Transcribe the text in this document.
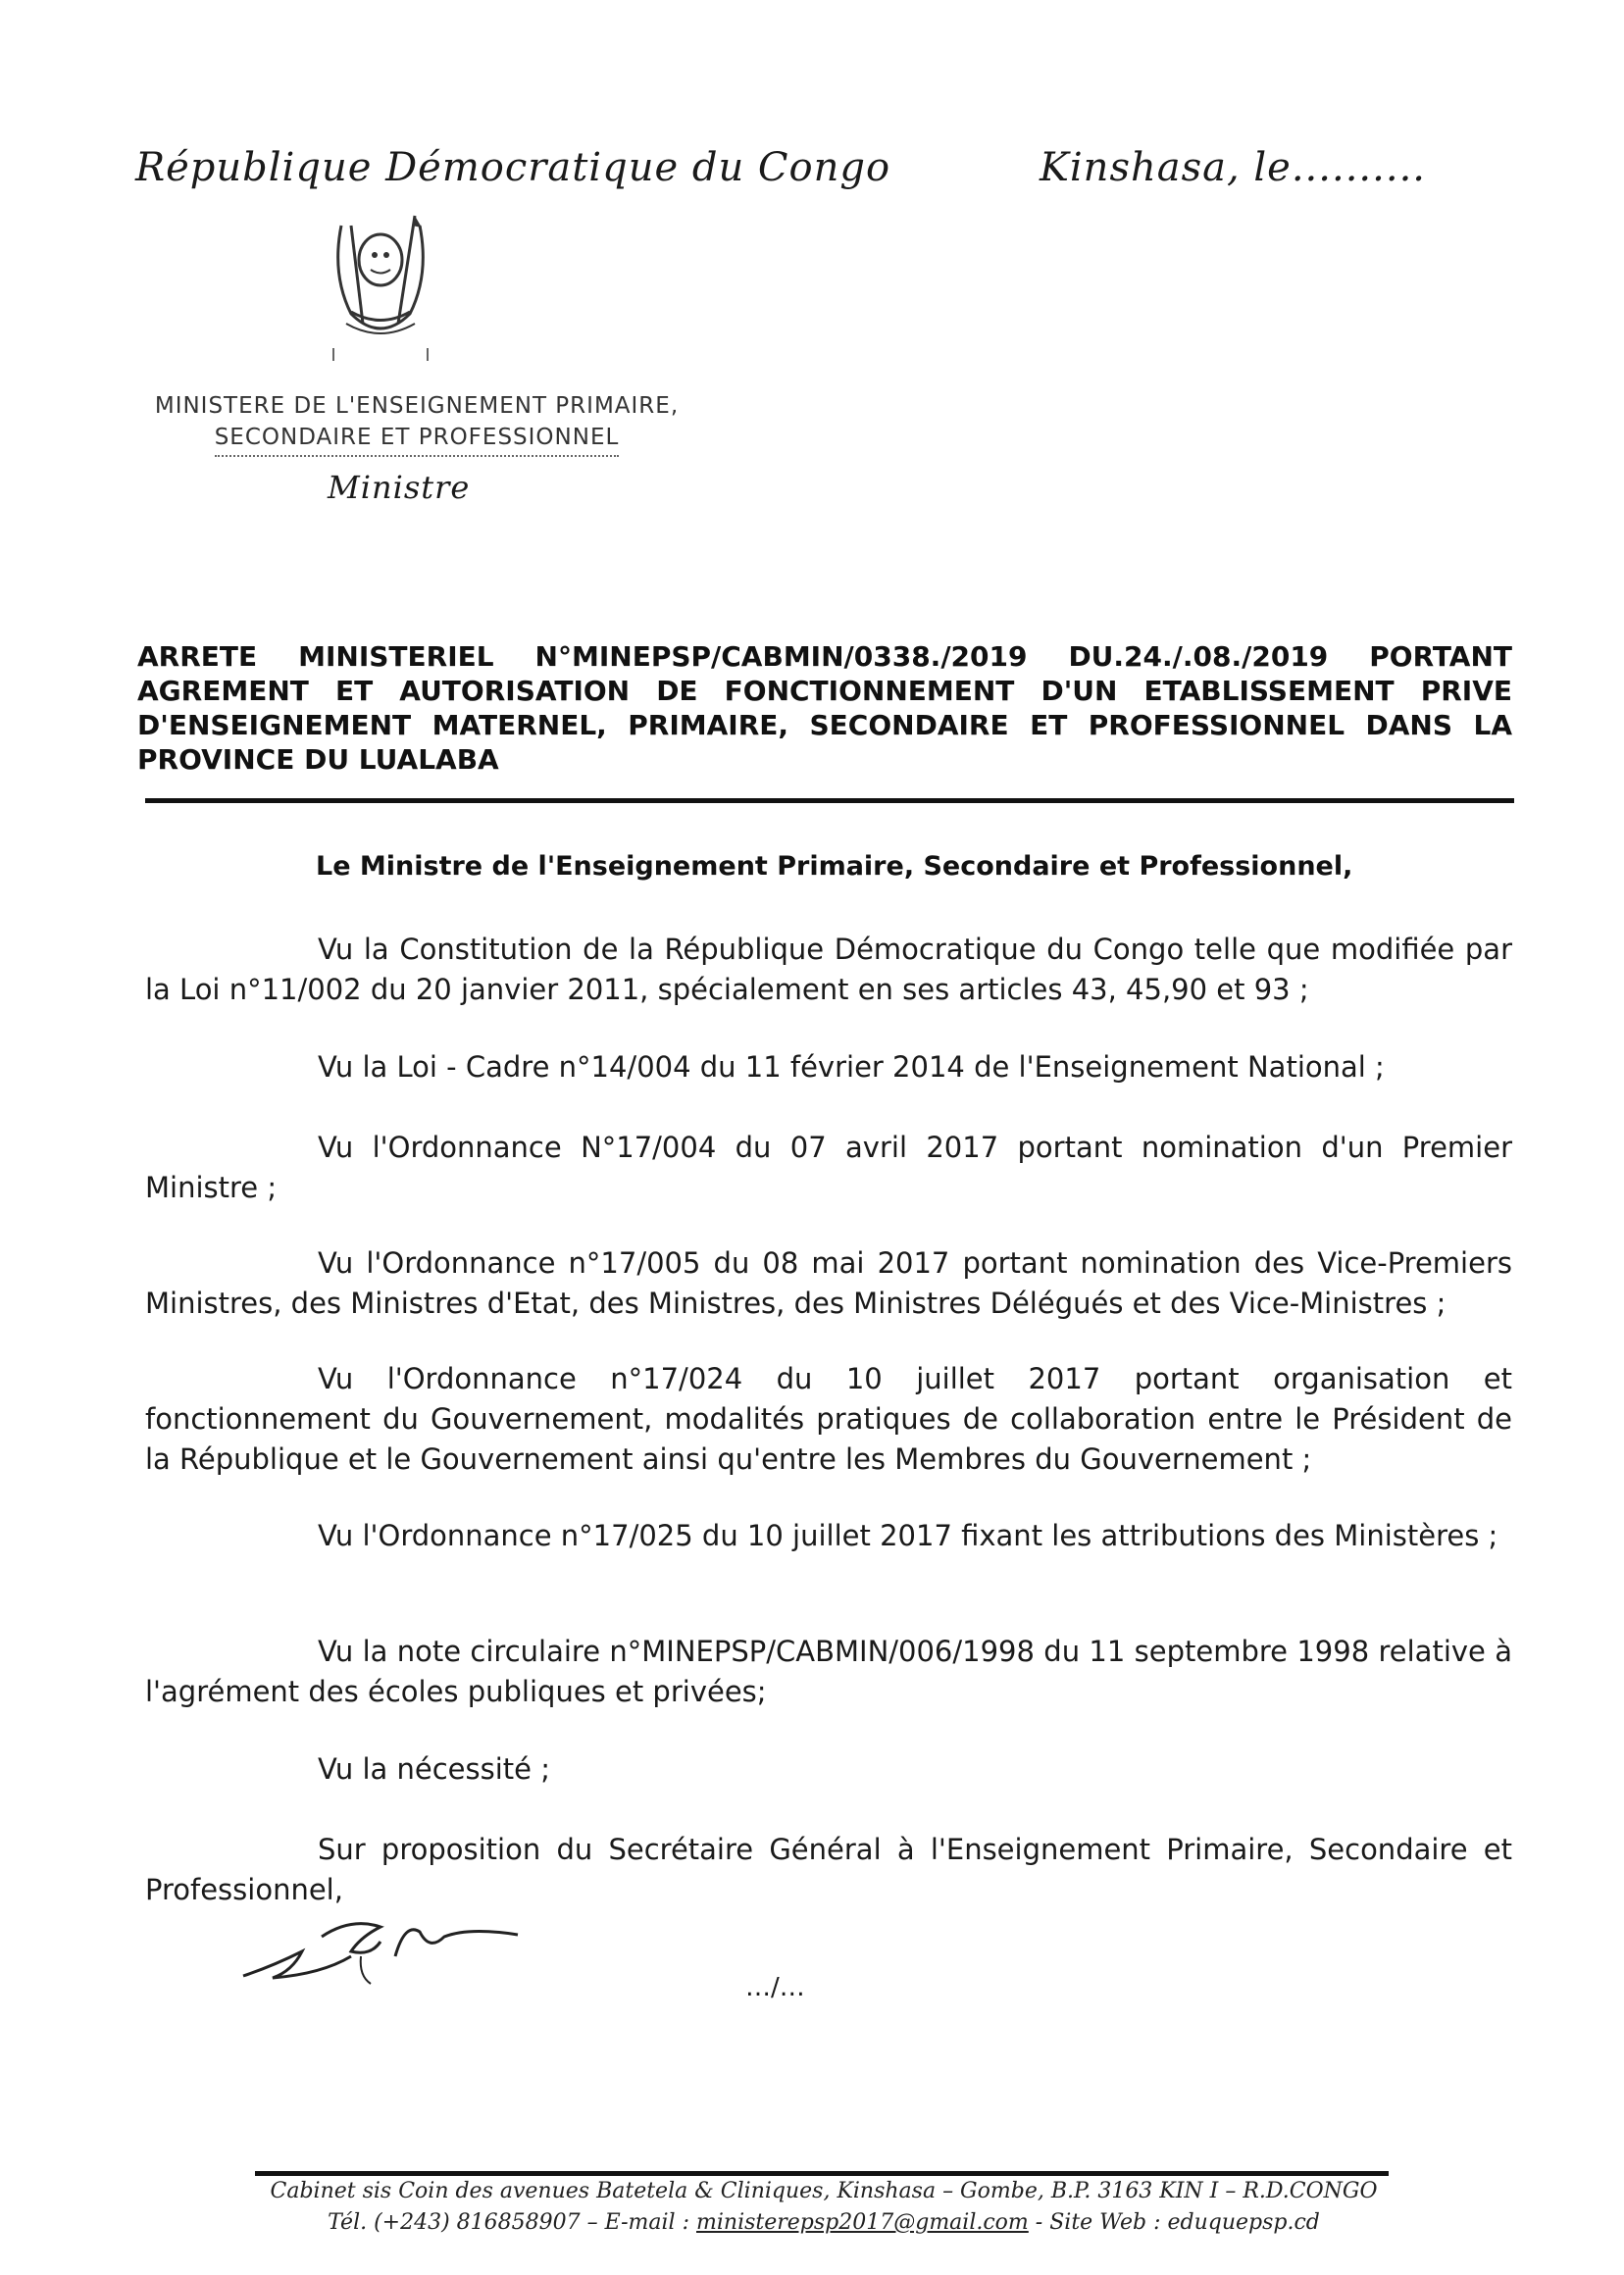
République Démocratique du Congo	Kinshasa, le..........
MINISTERE DE L'ENSEIGNEMENT PRIMAIRE,
SECONDAIRE ET PROFESSIONNEL
Ministre
ARRETE MINISTERIEL N°MINEPSP/CABMIN/0338./2019 DU.24./.08./2019 PORTANT AGREMENT ET AUTORISATION DE FONCTIONNEMENT D'UN ETABLISSEMENT PRIVE D'ENSEIGNEMENT MATERNEL, PRIMAIRE, SECONDAIRE ET PROFESSIONNEL DANS LA PROVINCE DU LUALABA
Le Ministre de l'Enseignement Primaire, Secondaire et Professionnel,
Vu la Constitution de la République Démocratique du Congo telle que modifiée par la Loi n°11/002 du 20 janvier 2011, spécialement en ses articles 43, 45,90 et 93 ;
Vu la Loi - Cadre n°14/004 du 11 février 2014 de l'Enseignement National ;
Vu l'Ordonnance N°17/004 du 07 avril 2017 portant nomination d'un Premier Ministre ;
Vu l'Ordonnance n°17/005 du 08 mai 2017 portant nomination des Vice-Premiers Ministres, des Ministres d'Etat, des Ministres, des Ministres Délégués et des Vice-Ministres ;
Vu l'Ordonnance n°17/024 du 10 juillet 2017 portant organisation et fonctionnement du Gouvernement, modalités pratiques de collaboration entre le Président de la République et le Gouvernement ainsi qu'entre les Membres du Gouvernement ;
Vu l'Ordonnance n°17/025 du 10 juillet 2017 fixant les attributions des Ministères ;
Vu la note circulaire n°MINEPSP/CABMIN/006/1998 du 11 septembre 1998 relative à l'agrément des écoles publiques et privées;
Vu la nécessité ;
Sur proposition du Secrétaire Général à l'Enseignement Primaire, Secondaire et Professionnel,
…/…
Cabinet sis Coin des avenues Batetela & Cliniques, Kinshasa – Gombe, B.P. 3163 KIN I – R.D.CONGO
Tél. (+243) 816858907 – E-mail : ministerepsp2017@gmail.com - Site Web : eduquepsp.cd
